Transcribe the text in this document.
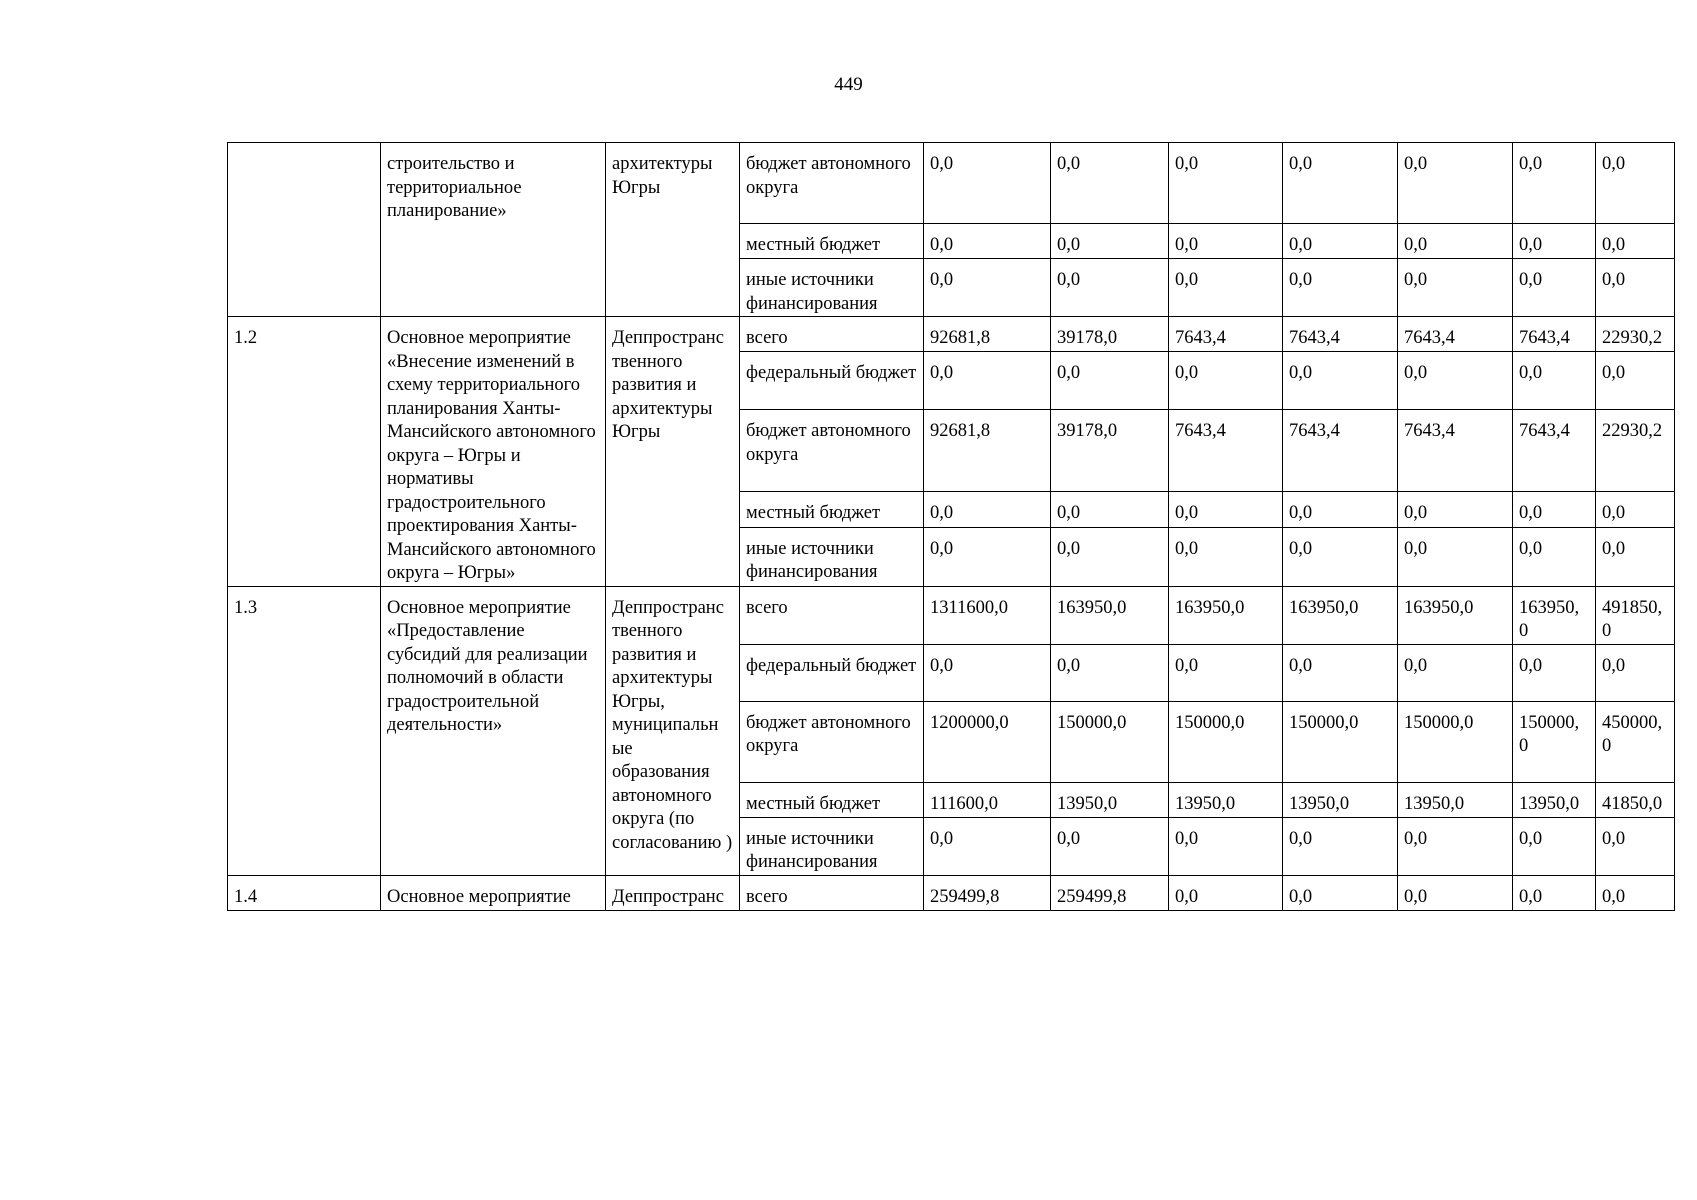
449

	строительство и территориальное планирование»	архитектуры Югры	бюджет автономного округа	0,0	0,0	0,0	0,0	0,0	0,0	0,0
			местный бюджет	0,0	0,0	0,0	0,0	0,0	0,0	0,0
			иные источники финансирования	0,0	0,0	0,0	0,0	0,0	0,0	0,0
1.2	Основное мероприятие «Внесение изменений в схему территориального планирования Ханты-Мансийского автономного округа – Югры и нормативы градостроительного проектирования Ханты-Мансийского автономного округа – Югры»	Деппространс твенного развития и архитектуры Югры	всего	92681,8	39178,0	7643,4	7643,4	7643,4	7643,4	22930,2
			федеральный бюджет	0,0	0,0	0,0	0,0	0,0	0,0	0,0
			бюджет автономного округа	92681,8	39178,0	7643,4	7643,4	7643,4	7643,4	22930,2
			местный бюджет	0,0	0,0	0,0	0,0	0,0	0,0	0,0
			иные источники финансирования	0,0	0,0	0,0	0,0	0,0	0,0	0,0
1.3	Основное мероприятие «Предоставление субсидий для реализации полномочий в области градостроительной деятельности»	Деппространс твенного развития и архитектуры Югры, муниципальн ые образования автономного округа (по согласованию )	всего	1311600,0	163950,0	163950,0	163950,0	163950,0	163950, 0	491850, 0
			федеральный бюджет	0,0	0,0	0,0	0,0	0,0	0,0	0,0
			бюджет автономного округа	1200000,0	150000,0	150000,0	150000,0	150000,0	150000, 0	450000, 0
			местный бюджет	111600,0	13950,0	13950,0	13950,0	13950,0	13950,0	41850,0
			иные источники финансирования	0,0	0,0	0,0	0,0	0,0	0,0	0,0
1.4	Основное мероприятие	Деппространс	всего	259499,8	259499,8	0,0	0,0	0,0	0,0	0,0
